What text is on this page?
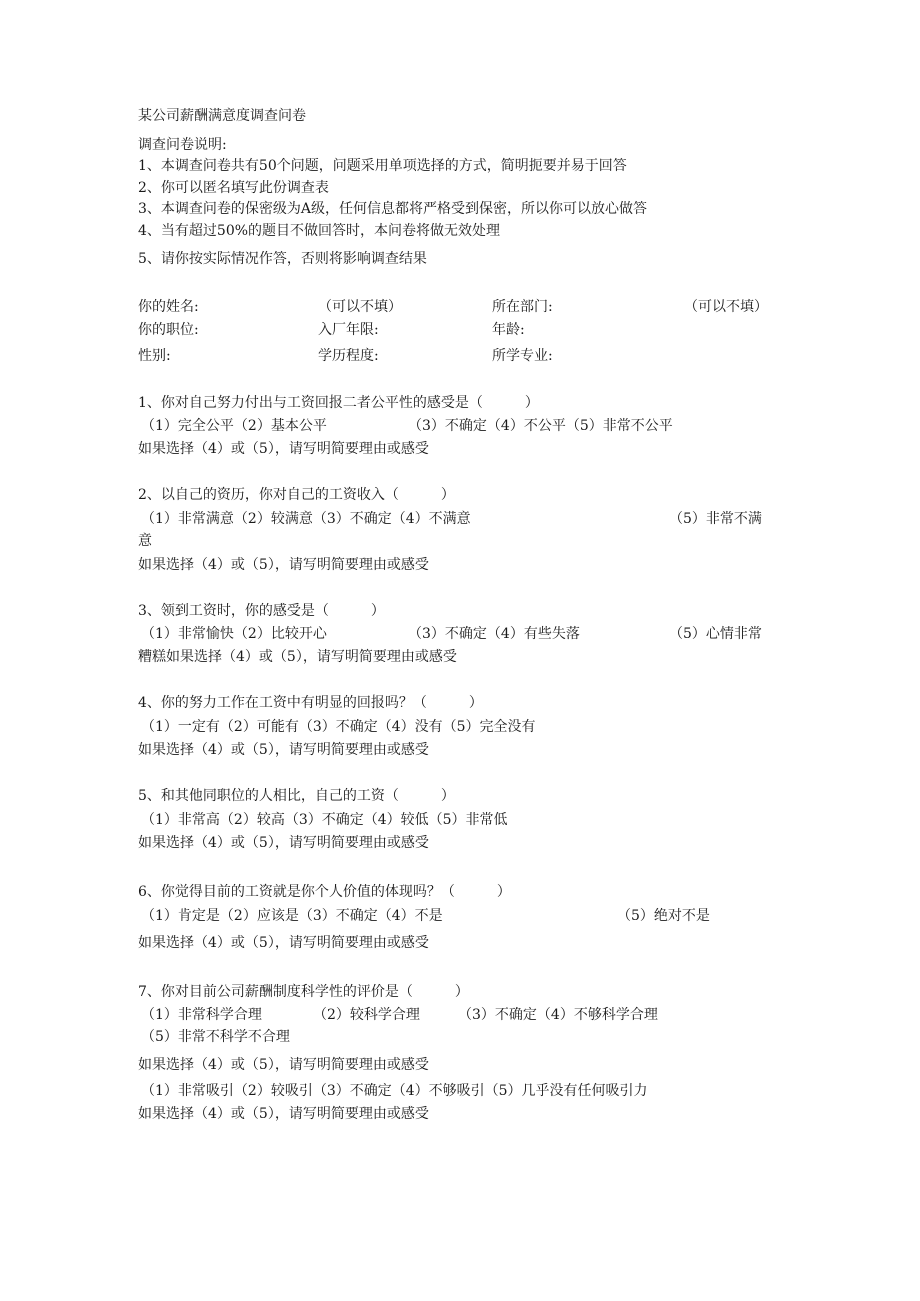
某公司薪酬满意度调查问卷
调查问卷说明:
1、本调查问卷共有50个问题，问题采用单项选择的方式，简明扼要并易于回答
2、你可以匿名填写此份调查表
3、本调查问卷的保密级为A级，任何信息都将严格受到保密，所以你可以放心做答
4、当有超过50%的题目不做回答时，本问卷将做无效处理
5、请你按实际情况作答，否则将影响调查结果
你的姓名:	（可以不填）	所在部门:	（可以不填）
你的职位:	入厂年限:	年龄:
性别:	学历程度:	所学专业:
1、你对自己努力付出与工资回报二者公平性的感受是（　　　）
（1）完全公平（2）基本公平	（3）不确定（4）不公平（5）非常不公平
如果选择（4）或（5），请写明简要理由或感受
2、以自己的资历，你对自己的工资收入（　　　）
（1）非常满意（2）较满意（3）不确定（4）不满意	（5）非常不满
意
如果选择（4）或（5），请写明简要理由或感受
3、领到工资时，你的感受是（　　　）
（1）非常愉快（2）比较开心	（3）不确定（4）有些失落	（5）心情非常
糟糕如果选择（4）或（5），请写明简要理由或感受
4、你的努力工作在工资中有明显的回报吗？（　　　）
（1）一定有（2）可能有（3）不确定（4）没有（5）完全没有
如果选择（4）或（5），请写明简要理由或感受
5、和其他同职位的人相比，自己的工资（　　　）
（1）非常高（2）较高（3）不确定（4）较低（5）非常低
如果选择（4）或（5），请写明简要理由或感受
6、你觉得目前的工资就是你个人价值的体现吗？（　　　）
（1）肯定是（2）应该是（3）不确定（4）不是	（5）绝对不是
如果选择（4）或（5），请写明简要理由或感受
7、你对目前公司薪酬制度科学性的评价是（　　　）
（1）非常科学合理	（2）较科学合理	（3）不确定（4）不够科学合理
（5）非常不科学不合理
如果选择（4）或（5），请写明简要理由或感受
（1）非常吸引（2）较吸引（3）不确定（4）不够吸引（5）几乎没有任何吸引力
如果选择（4）或（5），请写明简要理由或感受
